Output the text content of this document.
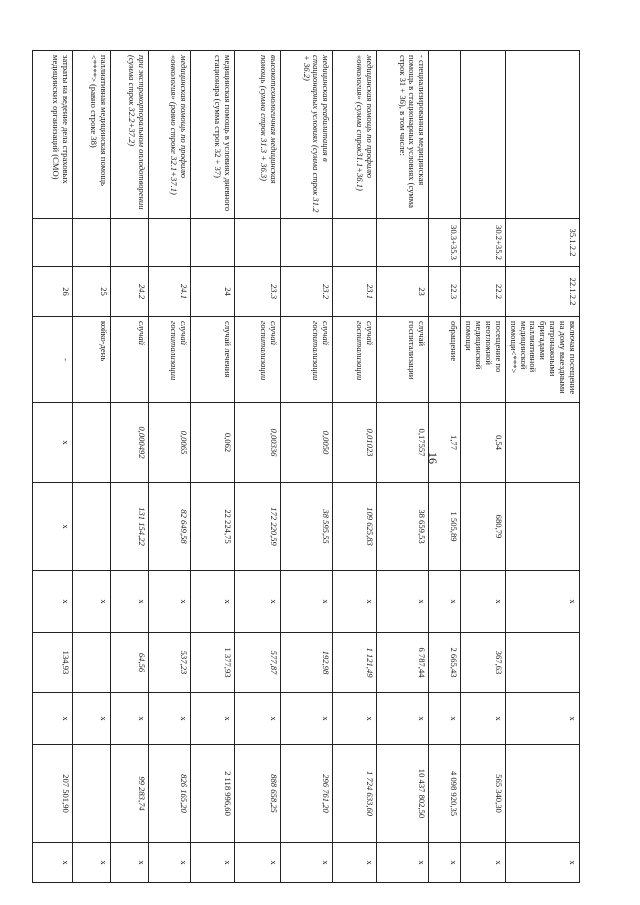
16
	35.1.2.2	22.1.2.2	включая посещение на дому выездными патронажными бригадами паллиативной медицинской помощи<***>			x		x		x
	30.2+35.2	22.2	посещение по неотложной медицинской помощи	0,54	680,79	x	367,63	x	565 340,30	x
	30.3+35.3	22.3	обращение	1,77	1 505,89	x	2 665,43	x	4 098 920,35	x
- специализированная медицинская помощь в стационарных условиях (сумма строк 31 + 36), в том числе:		23	случай госпитализации	0,17557	38 659,53	x	6 787,44	x	10 437 802,50	x
медицинская помощь по профилю «онкология» (сумма строк31.1+36.1)		23.1	случай госпитализации	0,01023	109 625,83	x	1 121,49	x	1 724 633,60	x
медицинская реабилитация в стационарных условиях (сумма строк 31.2 + 36.2)		23.2	случай госпитализации	0,0050	38 595,55	x	192,98	x	296 761,20	x
высокотехнологичная медицинская помощь (сумма строк 31.3 + 36.3)		23.3	случай госпитализации	0,00336	172 220,59	x	577,87	x	888 658,25	x
медицинская помощь в условиях дневного стационара (сумма строк 32 + 37)		24	случай лечения	0,062	22 224,75	x	1 377,93	x	2 118 996,60	x
медицинская помощь по профилю «онкология» (равно строке 32.1+37.1)		24.1	случай госпитализации	0,0065	82 649,58	x	537,23	x	826 165,20	x
при экстракорпоральном оплодотворении (сумма строк 32.2+37.2)		24.2	случай	0,000492	131 154,22	x	64,56	x	99 283,74	x
паллиативная медицинская помощь <****> (равно строке 38)		25	койко-день			x		x		x
затраты на ведение дела страховых медицинских организаций (СМО)		26	-	x	x	x	134,93	x	207 501,90	x
